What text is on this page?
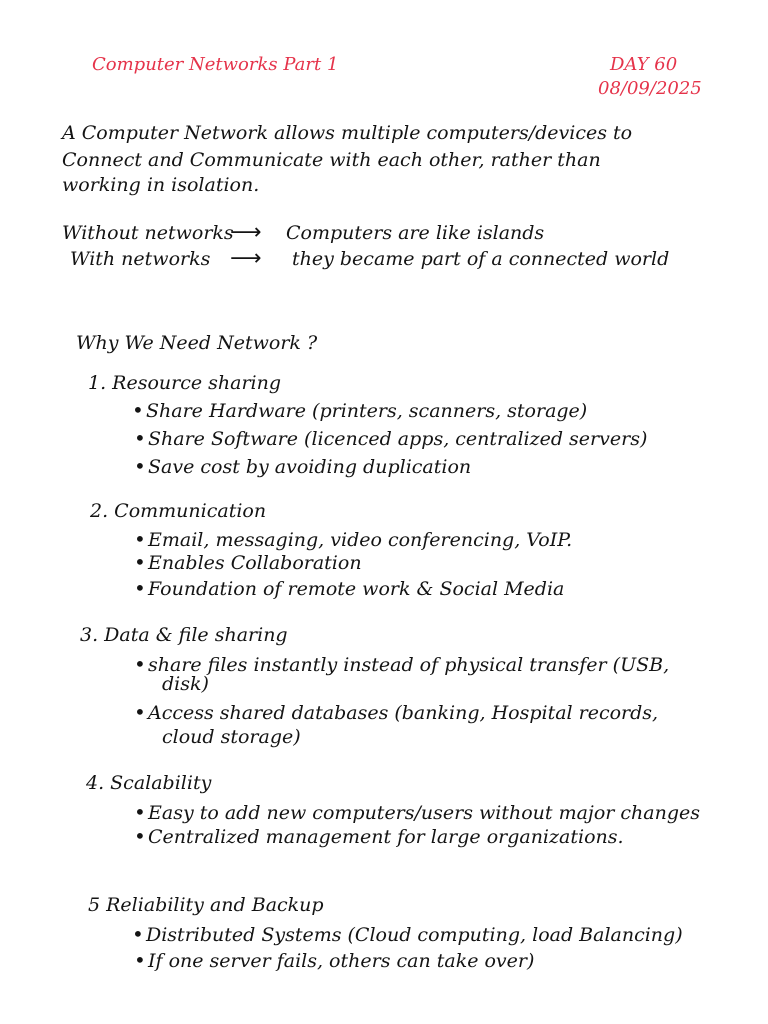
Computer Networks Part 1	DAY 60
08/09/2025
A Computer Network allows multiple computers/devices to
Connect and Communicate with each other, rather than
working in isolation.
Without networks
⟶ Computers are like islands
With networks ⟶ they became part of a connected world
Why We Need Network ?
1. Resource sharing
• Share Hardware (printers, scanners, storage)
• Share Software (licenced apps, centralized servers)
• Save cost by avoiding duplication
2. Communication
• Email, messaging, video conferencing, VoIP.
• Enables Collaboration
• Foundation of remote work & Social Media
3. Data & file sharing
• share files instantly instead of physical transfer (USB,
disk)
• Access shared databases (banking, Hospital records,
cloud storage)
4. Scalability
• Easy to add new computers/users without major changes
• Centralized management for large organizations.
5 Reliability and Backup
• Distributed Systems (Cloud computing, load Balancing)
• If one server fails, others can take over)
